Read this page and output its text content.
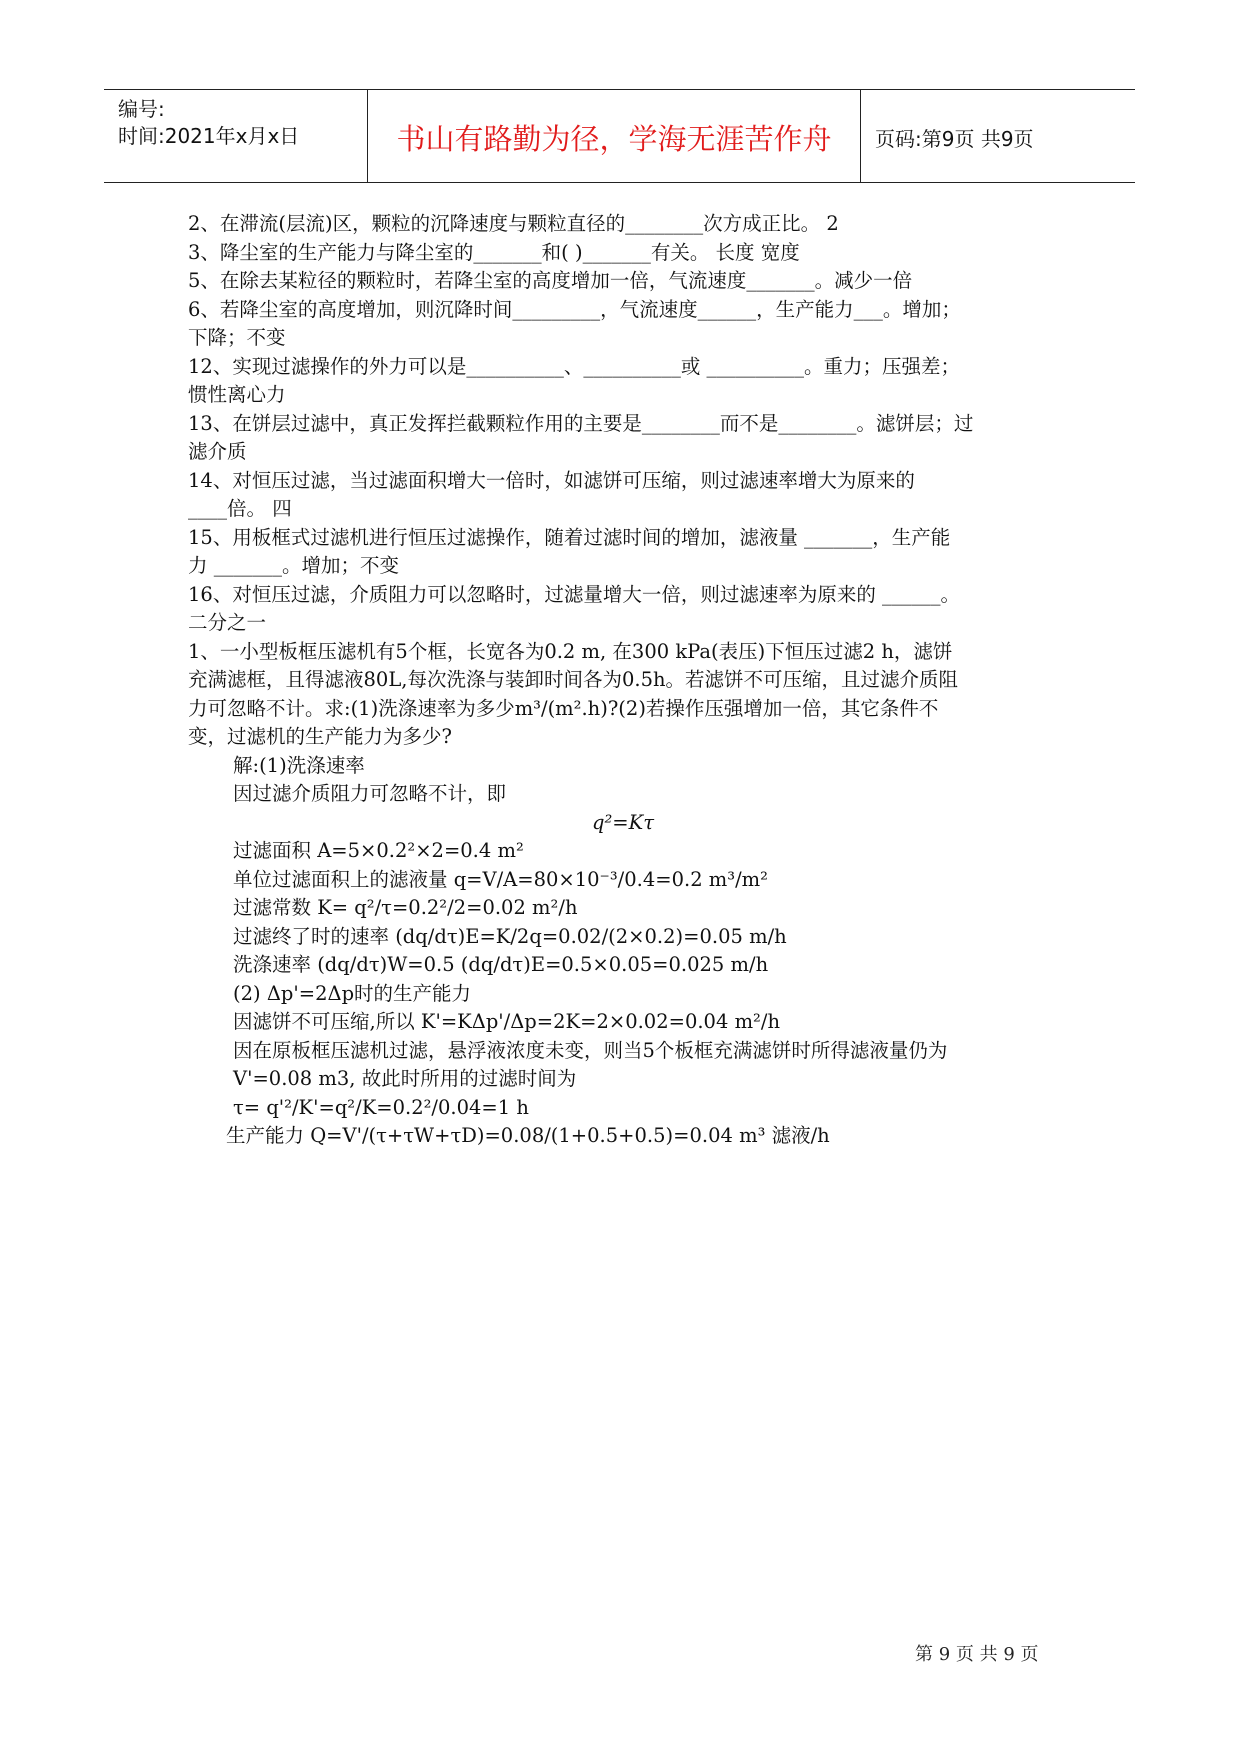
编号:
时间:2021年x月x日	书山有路勤为径，学海无涯苦作舟	页码:第9页 共9页
2、在滞流(层流)区，颗粒的沉降速度与颗粒直径的________次方成正比。 2
3、降尘室的生产能力与降尘室的_______和( )_______有关。 长度 宽度
5、在除去某粒径的颗粒时，若降尘室的高度增加一倍，气流速度_______。减少一倍
6、若降尘室的高度增加，则沉降时间_________，气流速度______，生产能力___。增加；
下降；不变
12、实现过滤操作的外力可以是__________、__________或 __________。重力；压强差；
惯性离心力
13、在饼层过滤中，真正发挥拦截颗粒作用的主要是________而不是________。滤饼层；过
滤介质
14、对恒压过滤，当过滤面积增大一倍时，如滤饼可压缩，则过滤速率增大为原来的
____倍。 四
15、用板框式过滤机进行恒压过滤操作，随着过滤时间的增加，滤液量 _______，生产能
力 _______。增加；不变
16、对恒压过滤，介质阻力可以忽略时，过滤量增大一倍，则过滤速率为原来的 ______。
二分之一
1、一小型板框压滤机有5个框，长宽各为0.2 m, 在300 kPa(表压)下恒压过滤2 h，滤饼
充满滤框，且得滤液80L,每次洗涤与装卸时间各为0.5h。若滤饼不可压缩，且过滤介质阻
力可忽略不计。求:(1)洗涤速率为多少m³/(m².h)?(2)若操作压强增加一倍，其它条件不
变，过滤机的生产能力为多少?
解:(1)洗涤速率
因过滤介质阻力可忽略不计，即
q²=Kτ
过滤面积 A=5×0.2²×2=0.4 m²
单位过滤面积上的滤液量 q=V/A=80×10⁻³/0.4=0.2 m³/m²
过滤常数 K= q²/τ=0.2²/2=0.02 m²/h
过滤终了时的速率 (dq/dτ)E=K/2q=0.02/(2×0.2)=0.05 m/h
洗涤速率 (dq/dτ)W=0.5 (dq/dτ)E=0.5×0.05=0.025 m/h
(2) Δp'=2Δp时的生产能力
因滤饼不可压缩,所以 K'=KΔp'/Δp=2K=2×0.02=0.04 m²/h
因在原板框压滤机过滤，悬浮液浓度未变，则当5个板框充满滤饼时所得滤液量仍为
V'=0.08 m3, 故此时所用的过滤时间为
τ= q'²/K'=q²/K=0.2²/0.04=1 h
生产能力 Q=V'/(τ+τW+τD)=0.08/(1+0.5+0.5)=0.04 m³ 滤液/h
第 9 页 共 9 页
